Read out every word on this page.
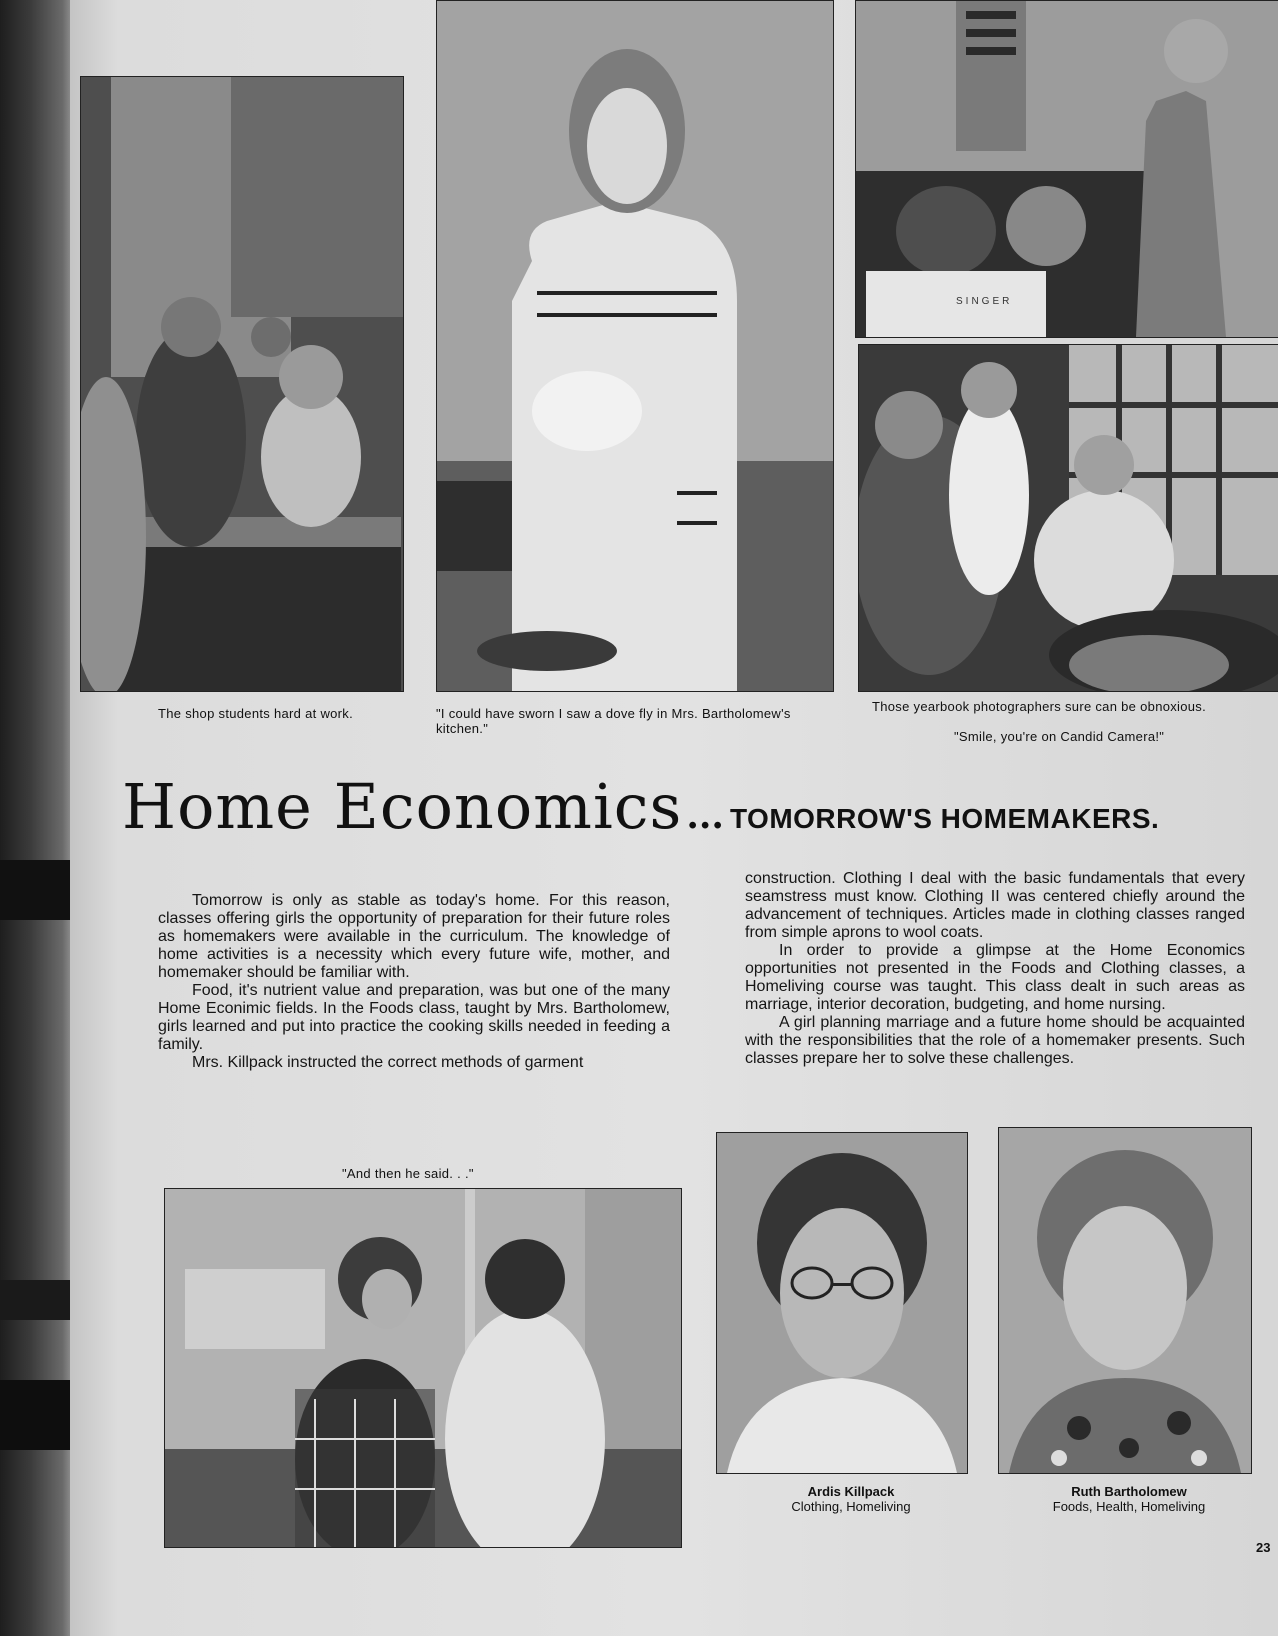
The shop students hard at work.	"I could have sworn I saw a dove fly in Mrs. Bartholomew's kitchen."
SINGER
Those yearbook photographers sure can be obnoxious.
"Smile, you're on Candid Camera!"
Home Economics ... TOMORROW'S HOMEMAKERS.

Tomorrow is only as stable as today's home. For this reason, classes offering girls the opportunity of preparation for their future roles as homemakers were available in the curriculum. The knowledge of home activities is a necessity which every future wife, mother, and homemaker should be familiar with.

Food, it's nutrient value and preparation, was but one of the many Home Econimic fields. In the Foods class, taught by Mrs. Bartholomew, girls learned and put into practice the cooking skills needed in feeding a family.

Mrs. Killpack instructed the correct methods of garment

construction. Clothing I deal with the basic fundamentals that every seamstress must know. Clothing II was centered chiefly around the advancement of techniques. Articles made in clothing classes ranged from simple aprons to wool coats.

In order to provide a glimpse at the Home Economics opportunities not presented in the Foods and Clothing classes, a Homeliving course was taught. This class dealt in such areas as marriage, interior decoration, budgeting, and home nursing.

A girl planning marriage and a future home should be acquainted with the responsibilities that the role of a homemaker presents. Such classes prepare her to solve these challenges.

"And then he said. . ."
Ardis Killpack
Clothing, Homeliving
Ruth Bartholomew
Foods, Health, Homeliving
23
